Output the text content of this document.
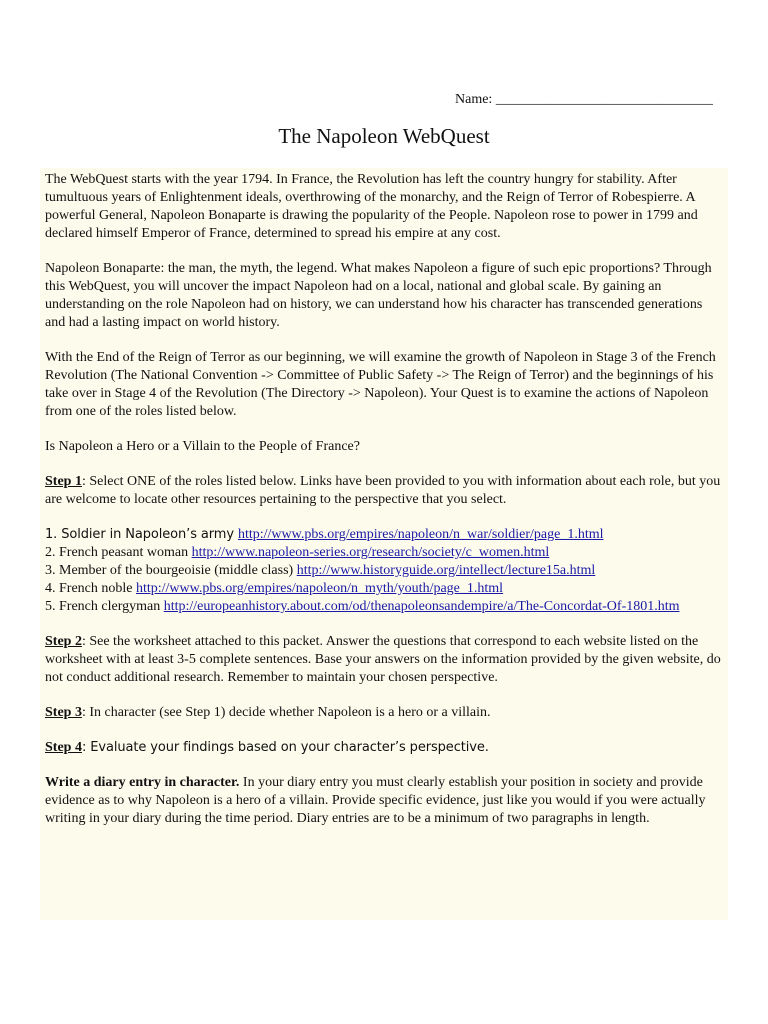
Name: _______________________________
The Napoleon WebQuest

The WebQuest starts with the year 1794. In France, the Revolution has left the country hungry for stability. After tumultuous years of Enlightenment ideals, overthrowing of the monarchy, and the Reign of Terror of Robespierre. A powerful General, Napoleon Bonaparte is drawing the popularity of the People. Napoleon rose to power in 1799 and declared himself Emperor of France, determined to spread his empire at any cost.

Napoleon Bonaparte: the man, the myth, the legend. What makes Napoleon a figure of such epic proportions? Through this WebQuest, you will uncover the impact Napoleon had on a local, national and global scale. By gaining an understanding on the role Napoleon had on history, we can understand how his character has transcended generations and had a lasting impact on world history.

With the End of the Reign of Terror as our beginning, we will examine the growth of Napoleon in Stage 3 of the French Revolution (The National Convention -> Committee of Public Safety -> The Reign of Terror) and the beginnings of his take over in Stage 4 of the Revolution (The Directory -> Napoleon). Your Quest is to examine the actions of Napoleon from one of the roles listed below.

Is Napoleon a Hero or a Villain to the People of France?

Step 1: Select ONE of the roles listed below. Links have been provided to you with information about each role, but you
are welcome to locate other resources pertaining to the perspective that you select.

1. Soldier in Napoleon’s army http://www.pbs.org/empires/napoleon/n_war/soldier/page_1.html
2. French peasant woman http://www.napoleon-series.org/research/society/c_women.html
3. Member of the bourgeoisie (middle class) http://www.historyguide.org/intellect/lecture15a.html
4. French noble http://www.pbs.org/empires/napoleon/n_myth/youth/page_1.html
5. French clergyman http://europeanhistory.about.com/od/thenapoleonsandempire/a/The-Concordat-Of-1801.htm

Step 2: See the worksheet attached to this packet. Answer the questions that correspond to each website listed on the worksheet with at least 3-5 complete sentences. Base your answers on the information provided by the given website, do not conduct additional research. Remember to maintain your chosen perspective.

Step 3: In character (see Step 1) decide whether Napoleon is a hero or a villain.

Step 4: Evaluate your findings based on your character’s perspective.

Write a diary entry in character. In your diary entry you must clearly establish your position in society and provide evidence as to why Napoleon is a hero of a villain. Provide specific evidence, just like you would if you were actually writing in your diary during the time period. Diary entries are to be a minimum of two paragraphs in length.
